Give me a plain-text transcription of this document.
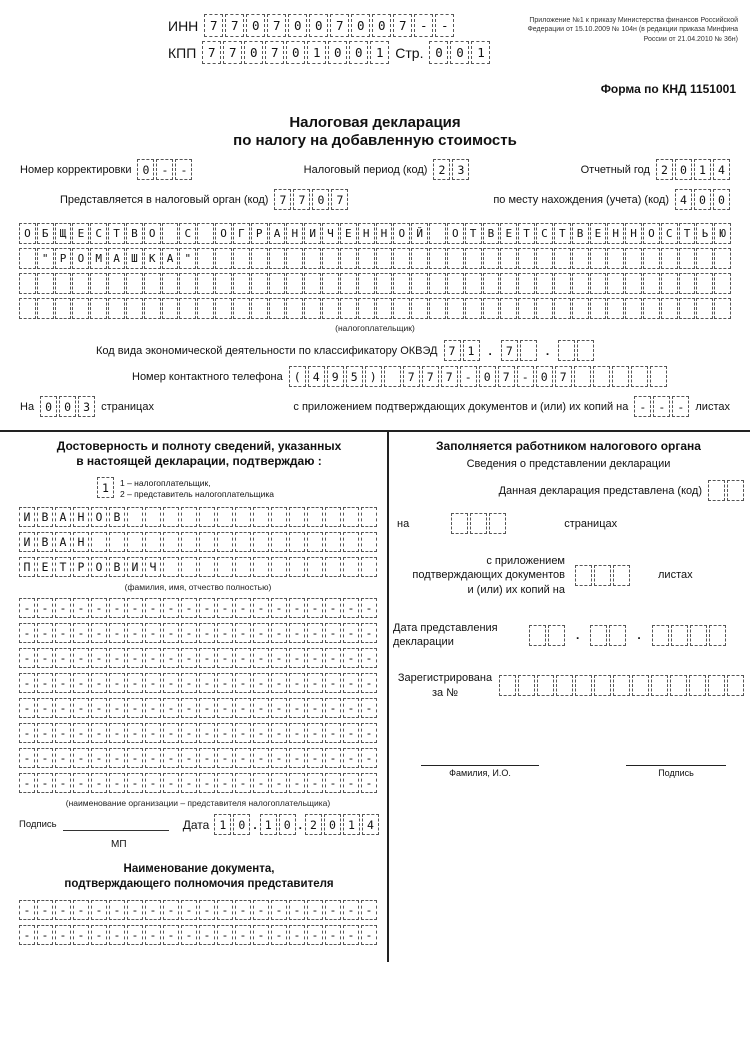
ИНН 7	7	0	7	0	0	7	0	0	7	-	-
КПП 7	7	0	7	0	1	0	0	1 Стр. 0	0	1
Приложение №1 к приказу Министерства финансов Российской
Федерации от 15.10.2009 № 104н (в редакции приказа Минфина
России от 21.04.2010 № 36н)
Форма по КНД 1151001
Налоговая декларация
по налогу на добавленную стоимость
Номер корректировки 0	-	-	Налоговый период (код) 2	3	Отчетный год 2	0	1	4
Представляется в налоговый орган (код) 7	7	0	7	по месту нахождения (учета) (код) 4	0	0
О	Б	Щ	Е	С	Т	В	О	С	О	Г	Р	А	Н	И	Ч	Е	Н	Н	О	Й	О	Т	В	Е	Т	С	Т	В	Е	Н	Н	О	С	Т	Ь	Ю
"	Р	О	М	А	Ш	К	А	"
(налогоплательщик)
Код вида экономической деятельности по классификатору ОКВЭД 7	1	.	7	.
Номер контактного телефона (	4	9	5	)	7	7	7	-	0	7	-	0	7
На 0	0	3	страницах	с приложением подтверждающих документов и (или) их копий на -	-	-	листах
Достоверность и полноту сведений, указанных
в настоящей декларации, подтверждаю :
1	1 – налогоплательщик,
2 – представитель налогоплательщика
И В А Н О В
И В А Н
П Е Т Р О В И Ч
(фамилия, имя, отчество полностью)
- - - - - - - - - - - - - - - - - - - -
- - - - - - - - - - - - - - - - - - - -
- - - - - - - - - - - - - - - - - - - -
- - - - - - - - - - - - - - - - - - - -
- - - - - - - - - - - - - - - - - - - -
- - - - - - - - - - - - - - - - - - - -
- - - - - - - - - - - - - - - - - - - -
- - - - - - - - - - - - - - - - - - - -
(наименование организации – представителя налогоплательщика)
Подпись	Дата 1	0 . 1	0 . 2	0	1	4
МП
Наименование документа,
подтверждающего полномочия представителя
- - - - - - - - - - - - - - - - - - - -
- - - - - - - - - - - - - - - - - - - -
Заполняется работником налогового органа
Сведения о представлении декларации
Данная декларация представлена (код)
на	страницах
с приложением
подтверждающих документов
и (или) их копий на
листах
Дата представления
декларации	.	.
Зарегистрирована
за №
Фамилия, И.О.	Подпись
